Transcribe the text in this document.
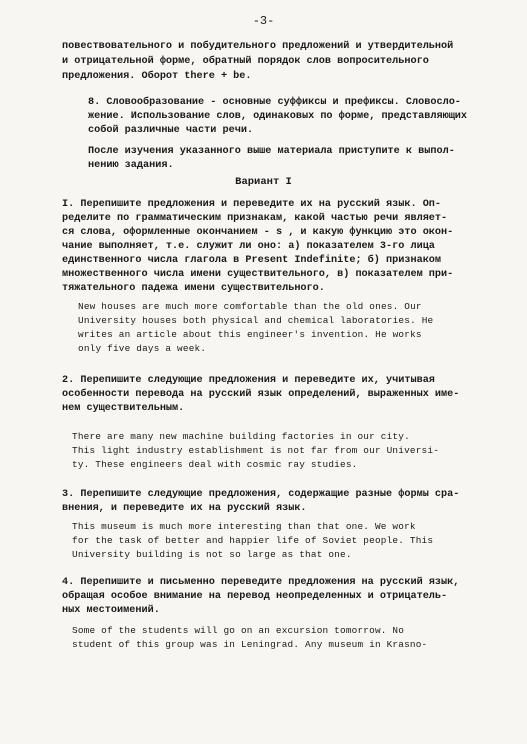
-3-
повествовательного и побудительного предложений и утвердительной
и отрицательной форме, обратный порядок слов вопросительного
предложения. Оборот there + be.
8. Словообразование - основные суффиксы и префиксы. Словосло-
жение. Использование слов, одинаковых по форме, представляющих
собой различные части речи.
После изучения указанного выше материала приступите к выпол-
нению задания.
Вариант I
I. Перепишите предложения и переведите их на русский язык. Оп-
ределите по грамматическим признакам, какой частью речи являет-
ся слова, оформленные окончанием - s , и какую функцию это окон-
чание выполняет, т.е. служит ли оно: а) показателем 3-го лица
единственного числа глагола в Present Indefinite; б) признаком
множественного числа имени существительного, в) показателем при-
тяжательного падежа имени существительного.
New houses are much more comfortable than the old ones. Our
University houses both physical and chemical laboratories. He
writes an article about this engineer's invention. He works
only five days a week.
2. Перепишите следующие предложения и переведите их, учитывая
особенности перевода на русский язык определений, выраженных име-
нем существительным.
There are many new machine building factories in our city.
This light industry establishment is not far from our Universi-
ty. These engineers deal with cosmic ray studies.
3. Перепишите следующие предложения, содержащие разные формы сра-
внения, и переведите их на русский язык.
This museum is much more interesting than that one. We work
for the task of better and happier life of Soviet people. This
University building is not so large as that one.
4. Перепишите и письменно переведите предложения на русский язык,
обращая особое внимание на перевод неопределенных и отрицатель-
ных местоимений.
Some of the students will go on an excursion tomorrow. No
student of this group was in Leningrad. Any museum in Krasno-
